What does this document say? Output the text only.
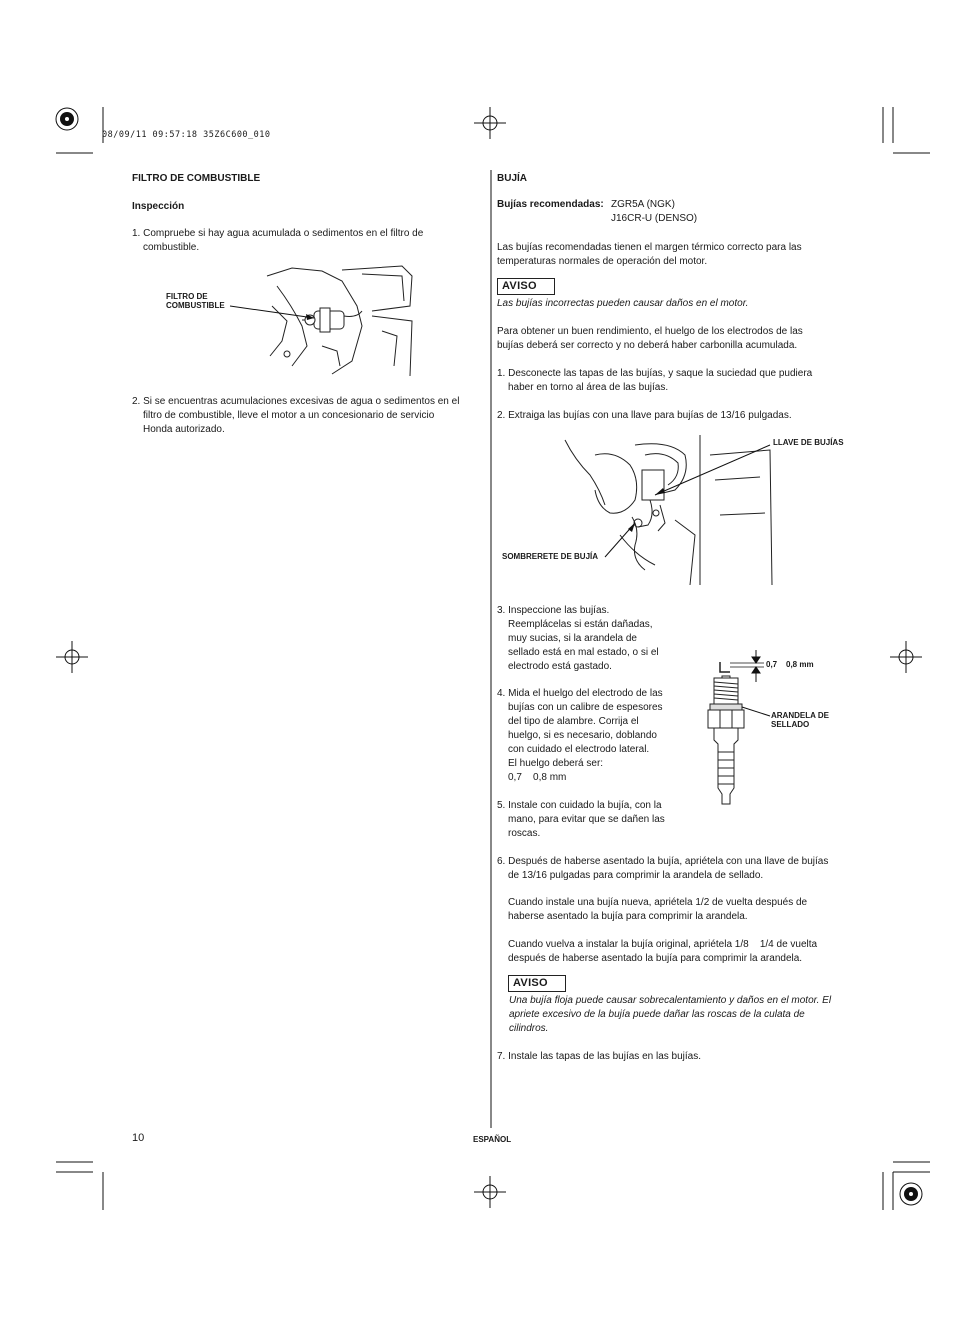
08/09/11 09:57:18 35Z6C600_010
FILTRO DE COMBUSTIBLE
Inspección
1. Compruebe si hay agua acumulada o sedimentos en el filtro de
combustible.
FILTRO DE
COMBUSTIBLE
2. Si se encuentras acumulaciones excesivas de agua o sedimentos en el
filtro de combustible, lleve el motor a un concesionario de servicio
Honda autorizado.
BUJÍA
Bujías recomendadas: ZGR5A (NGK)
J16CR-U (DENSO)
Las bujías recomendadas tienen el margen térmico correcto para las
temperaturas normales de operación del motor.
AVISO
Las bujías incorrectas pueden causar daños en el motor.
Para obtener un buen rendimiento, el huelgo de los electrodos de las
bujías deberá ser correcto y no deberá haber carbonilla acumulada.
1. Desconecte las tapas de las bujías, y saque la suciedad que pudiera
haber en torno al área de las bujías.
2. Extraiga las bujías con una llave para bujías de 13/16 pulgadas.
LLAVE DE BUJÍAS
SOMBRERETE DE BUJÍA
3. Inspeccione las bujías.
Reemplácelas si están dañadas,
muy sucias, si la arandela de
sellado está en mal estado, o si el
electrodo está gastado.
4. Mida el huelgo del electrodo de las
bujías con un calibre de espesores
del tipo de alambre. Corrija el
huelgo, si es necesario, doblando
con cuidado el electrodo lateral.
El huelgo deberá ser:
0,7    0,8 mm
0,7    0,8 mm
ARANDELA DE
SELLADO
5. Instale con cuidado la bujía, con la
mano, para evitar que se dañen las
roscas.
6. Después de haberse asentado la bujía, apriétela con una llave de bujías
de 13/16 pulgadas para comprimir la arandela de sellado.
Cuando instale una bujía nueva, apriétela 1/2 de vuelta después de
haberse asentado la bujía para comprimir la arandela.
Cuando vuelva a instalar la bujía original, apriétela 1/8    1/4 de vuelta
después de haberse asentado la bujía para comprimir la arandela.
AVISO
Una bujía floja puede causar sobrecalentamiento y daños en el motor. El
apriete excesivo de la bujía puede dañar las roscas de la culata de
cilindros.
7. Instale las tapas de las bujías en las bujías.
10	ESPAÑOL
